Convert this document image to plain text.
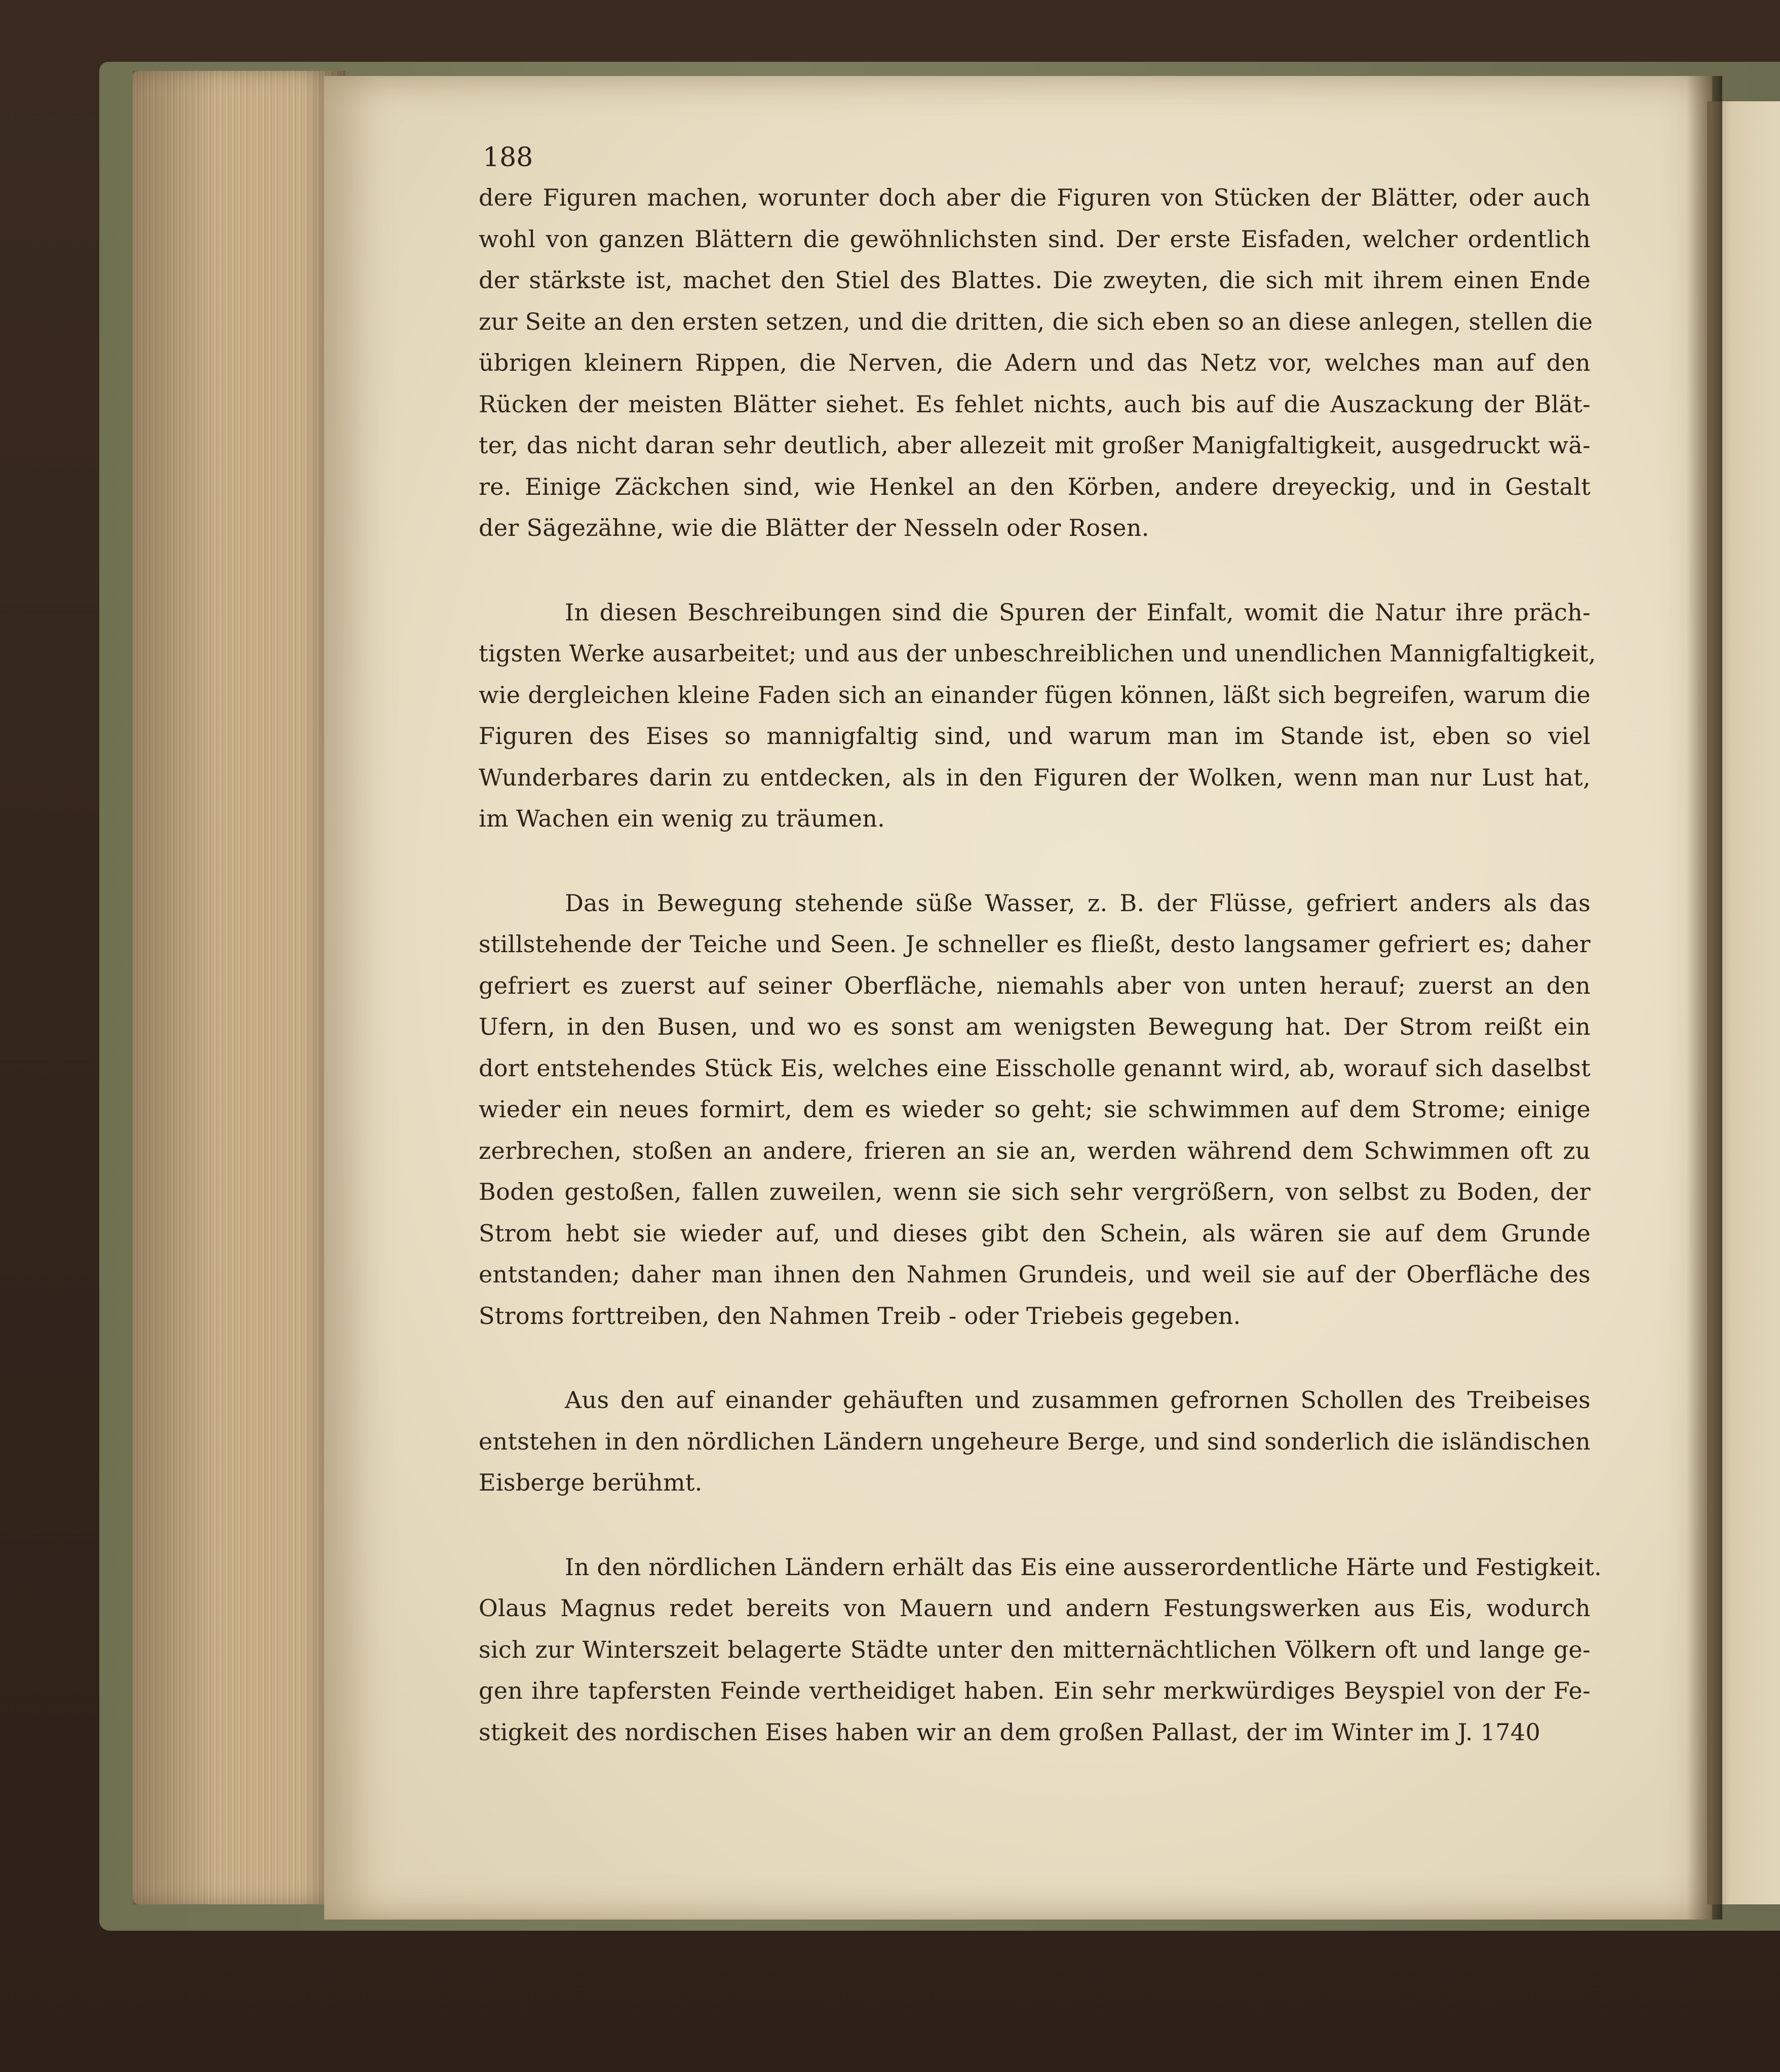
188
dere Figuren machen, worunter doch aber die Figuren von Stücken der Blätter, oder auch
wohl von ganzen Blättern die gewöhnlichsten sind. Der erste Eisfaden, welcher ordentlich
der stärkste ist, machet den Stiel des Blattes. Die zweyten, die sich mit ihrem einen Ende
zur Seite an den ersten setzen, und die dritten, die sich eben so an diese anlegen, stellen die
übrigen kleinern Rippen, die Nerven, die Adern und das Netz vor, welches man auf den
Rücken der meisten Blätter siehet. Es fehlet nichts, auch bis auf die Auszackung der Blät-
ter, das nicht daran sehr deutlich, aber allezeit mit großer Manigfaltigkeit, ausgedruckt wä-
re. Einige Zäckchen sind, wie Henkel an den Körben, andere dreyeckig, und in Gestalt
der Sägezähne, wie die Blätter der Nesseln oder Rosen.
In diesen Beschreibungen sind die Spuren der Einfalt, womit die Natur ihre präch-
tigsten Werke ausarbeitet; und aus der unbeschreiblichen und unendlichen Mannigfaltigkeit,
wie dergleichen kleine Faden sich an einander fügen können, läßt sich begreifen, warum die
Figuren des Eises so mannigfaltig sind, und warum man im Stande ist, eben so viel
Wunderbares darin zu entdecken, als in den Figuren der Wolken, wenn man nur Lust hat,
im Wachen ein wenig zu träumen.
Das in Bewegung stehende süße Wasser, z. B. der Flüsse, gefriert anders als das
stillstehende der Teiche und Seen. Je schneller es fließt, desto langsamer gefriert es; daher
gefriert es zuerst auf seiner Oberfläche, niemahls aber von unten herauf; zuerst an den
Ufern, in den Busen, und wo es sonst am wenigsten Bewegung hat. Der Strom reißt ein
dort entstehendes Stück Eis, welches eine Eisscholle genannt wird, ab, worauf sich daselbst
wieder ein neues formirt, dem es wieder so geht; sie schwimmen auf dem Strome; einige
zerbrechen, stoßen an andere, frieren an sie an, werden während dem Schwimmen oft zu
Boden gestoßen, fallen zuweilen, wenn sie sich sehr vergrößern, von selbst zu Boden, der
Strom hebt sie wieder auf, und dieses gibt den Schein, als wären sie auf dem Grunde
entstanden; daher man ihnen den Nahmen Grundeis, und weil sie auf der Oberfläche des
Stroms forttreiben, den Nahmen Treib - oder Triebeis gegeben.
Aus den auf einander gehäuften und zusammen gefrornen Schollen des Treibeises
entstehen in den nördlichen Ländern ungeheure Berge, und sind sonderlich die isländischen
Eisberge berühmt.
In den nördlichen Ländern erhält das Eis eine ausserordentliche Härte und Festigkeit.
Olaus Magnus redet bereits von Mauern und andern Festungswerken aus Eis, wodurch
sich zur Winterszeit belagerte Städte unter den mitternächtlichen Völkern oft und lange ge-
gen ihre tapfersten Feinde vertheidiget haben. Ein sehr merkwürdiges Beyspiel von der Fe-
stigkeit des nordischen Eises haben wir an dem großen Pallast, der im Winter im J. 1740
